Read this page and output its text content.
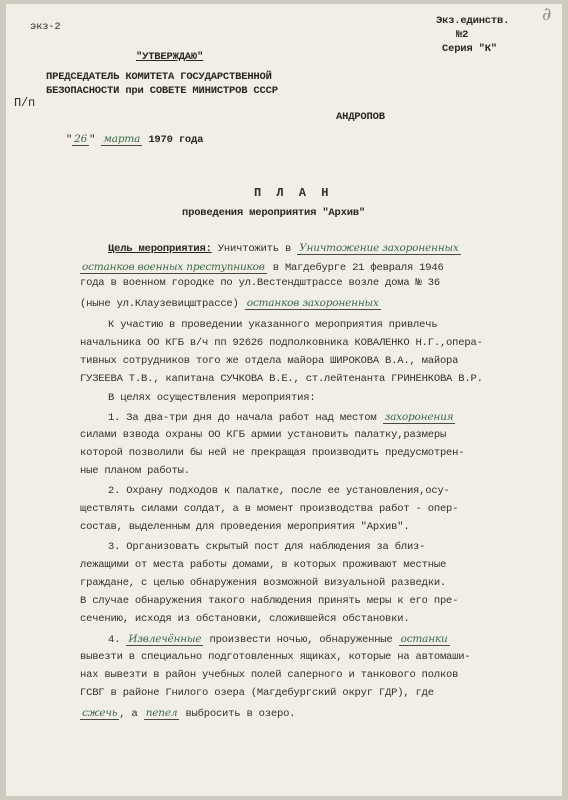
экз-2	Экз.единств.
№2
Серия "К"
∂
"УТВЕРЖДАЮ"
ПРЕДСЕДАТЕЛЬ КОМИТЕТА ГОСУДАРСТВЕННОЙ
БЕЗОПАСНОСТИ при СОВЕТЕ МИНИСТРОВ СССР
П/п
АНДРОПОВ
" 26 " марта 1970 года
П Л А Н
проведения мероприятия "Архив"
Цель мероприятия: Уничтожить в Уничтожение захороненных
останков военных преступников в Магдебурге 21 февраля 1946
года в военном городке по ул.Вестендштрассе возле дома № 36
(ныне ул.Клаузевицштрассе) останков захороненных
К участию в проведении указанного мероприятия привлечь
начальника ОО КГБ в/ч пп 92626 подполковника КОВАЛЕНКО Н.Г.,опера-
тивных сотрудников того же отдела майора ШИРОКОВА В.А., майора
ГУЗЕЕВА Т.В., капитана СУЧКОВА В.Е., ст.лейтенанта ГРИНЕНКОВА В.Р.
В целях осуществления мероприятия:
1. За два-три дня до начала работ над местом захоронения
силами взвода охраны ОО КГБ армии установить палатку,размеры
которой позволили бы ней не прекращая производить предусмотрен-
ные планом работы.
2. Охрану подходов к палатке, после ее установления,осу-
ществлять силами солдат, а в момент производства работ - опер-
состав, выделенным для проведения мероприятия "Архив".
3. Организовать скрытый пост для наблюдения за близ-
лежащими от места работы домами, в которых проживают местные
граждане, с целью обнаружения возможной визуальной разведки.
В случае обнаружения такого наблюдения принять меры к его пре-
сечению, исходя из обстановки, сложившейся обстановки.
4. Извлечённые произвести ночью, обнаруженные останки
вывезти в специально подготовленных ящиках, которые на автомаши-
нах вывезти в район учебных полей саперного и танкового полков
ГСВГ в районе Гнилого озера (Магдебургский округ ГДР), где
сжечь , а пепел выбросить в озеро.
